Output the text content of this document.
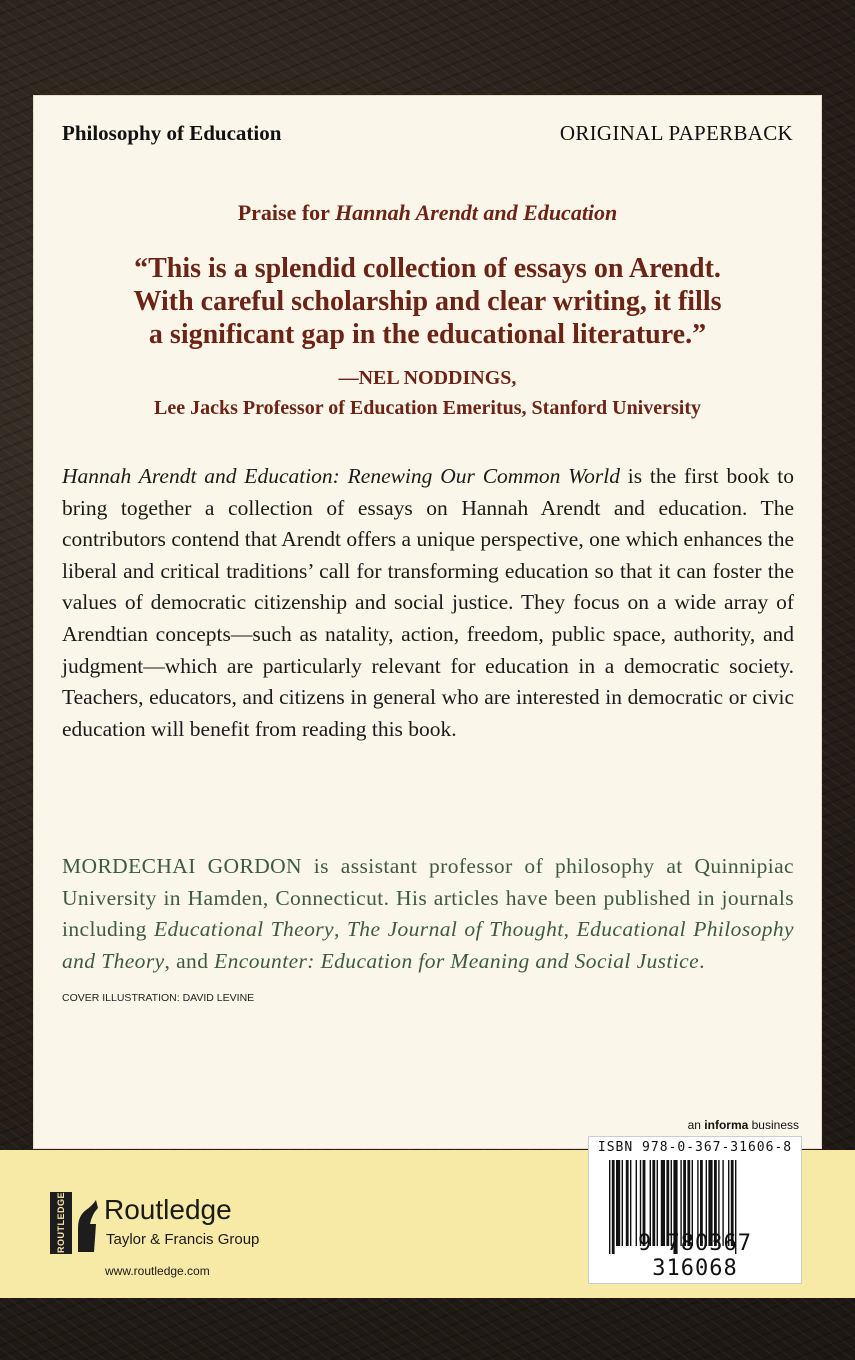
Philosophy of Education	ORIGINAL PAPERBACK
Praise for Hannah Arendt and Education
“This is a splendid collection of essays on Arendt.
With careful scholarship and clear writing, it fills
a significant gap in the educational literature.”
—NEL NODDINGS,
Lee Jacks Professor of Education Emeritus, Stanford University

Hannah Arendt and Education: Renewing Our Common World is the first book to bring together a collection of essays on Hannah Arendt and education. The contributors contend that Arendt offers a unique perspective, one which enhances the liberal and critical traditions’ call for transforming education so that it can foster the values of democratic citizenship and social justice. They focus on a wide array of Arendtian concepts—such as natality, action, freedom, public space, authority, and judgment—which are particularly relevant for education in a democratic society. Teachers, educators, and citizens in general who are interested in democratic or civic education will benefit from reading this book.

MORDECHAI GORDON is assistant professor of philosophy at Quinnipiac University in Hamden, Connecticut. His articles have been published in journals including Educational Theory, The Journal of Thought, Educational Philosophy and Theory, and Encounter: Education for Meaning and Social Justice.

COVER ILLUSTRATION: DAVID LEVINE
ROUTLEDGE Routledge
Taylor & Francis Group
www.routledge.com
an informa business
ISBN 978-0-367-31606-8
9 780367 316068
